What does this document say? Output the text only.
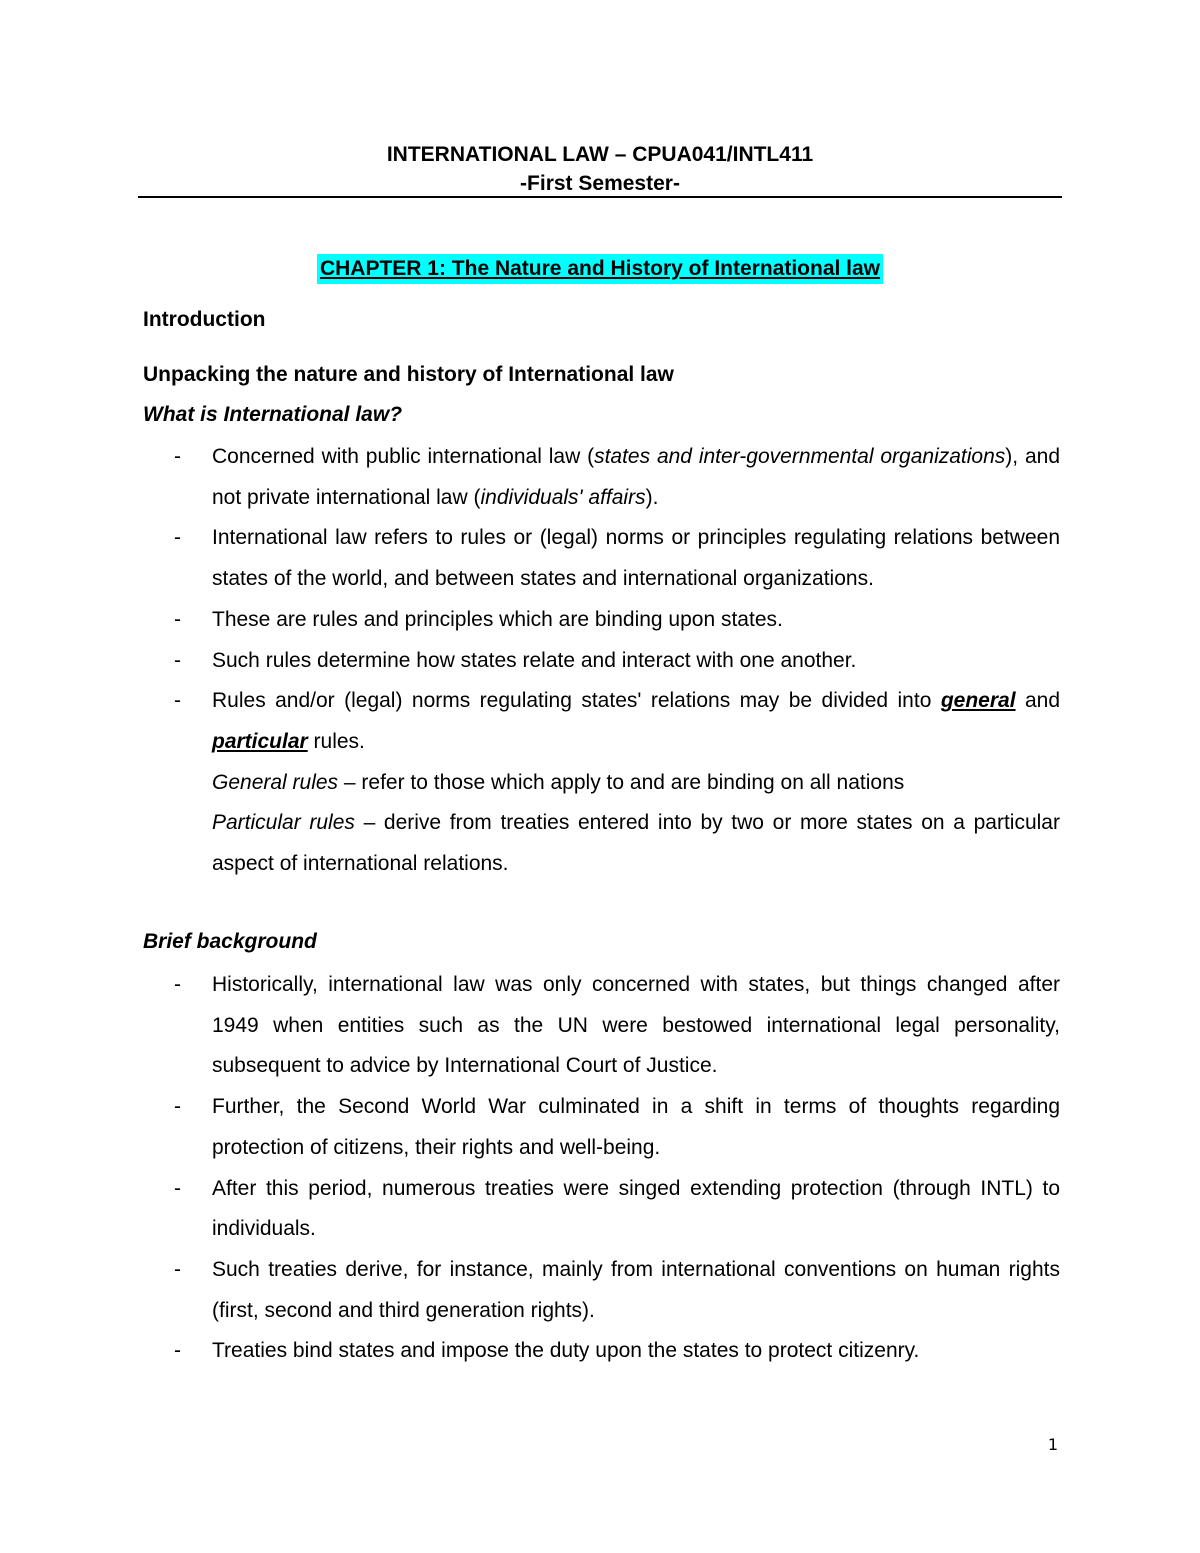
INTERNATIONAL LAW – CPUA041/INTL411
-First Semester-
CHAPTER 1: The Nature and History of International law
Introduction
Unpacking the nature and history of International law
What is International law?
- Concerned with public international law (states and inter-governmental organizations), and not private international law (individuals' affairs).
- International law refers to rules or (legal) norms or principles regulating relations between states of the world, and between states and international organizations.
- These are rules and principles which are binding upon states.
- Such rules determine how states relate and interact with one another.
- Rules and/or (legal) norms regulating states' relations may be divided into general and particular rules.
General rules – refer to those which apply to and are binding on all nations
Particular rules – derive from treaties entered into by two or more states on a particular aspect of international relations.
Brief background
- Historically, international law was only concerned with states, but things changed after 1949 when entities such as the UN were bestowed international legal personality, subsequent to advice by International Court of Justice.
- Further, the Second World War culminated in a shift in terms of thoughts regarding protection of citizens, their rights and well-being.
- After this period, numerous treaties were singed extending protection (through INTL) to individuals.
- Such treaties derive, for instance, mainly from international conventions on human rights (first, second and third generation rights).
- Treaties bind states and impose the duty upon the states to protect citizenry.
1
